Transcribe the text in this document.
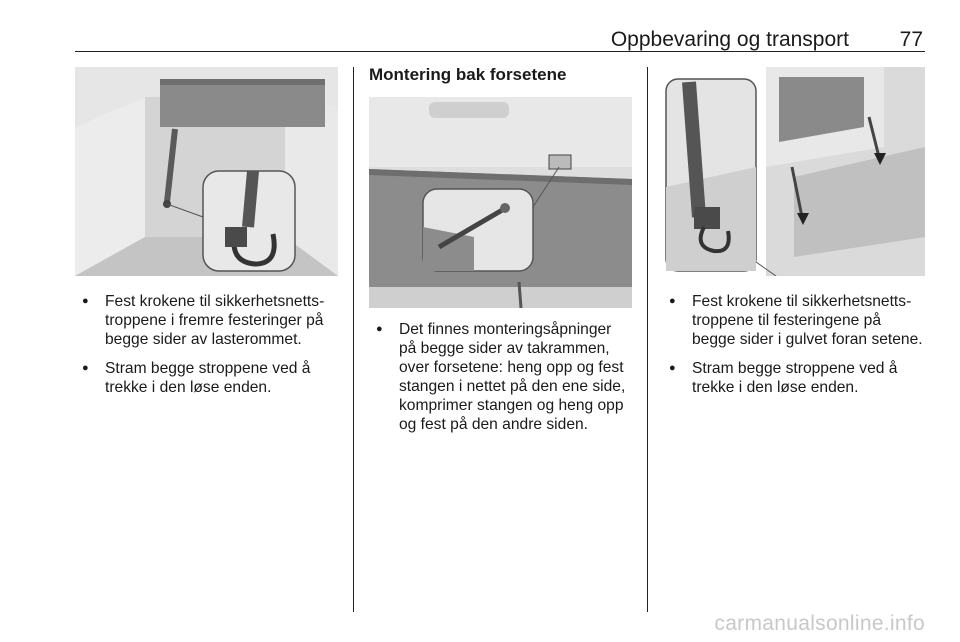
Oppbevaring og transport 77
● Fest krokene til sikkerhetsnetts-
troppene i fremre festeringer på
begge sider av lasterommet.
● Stram begge stroppene ved å
trekke i den løse enden.
Montering bak forsetene
● Det finnes monteringsåpninger
på begge sider av takrammen,
over forsetene: heng opp og fest
stangen i nettet på den ene side,
komprimer stangen og heng opp
og fest på den andre siden.
● Fest krokene til sikkerhetsnetts-
troppene til festeringene på
begge sider i gulvet foran setene.
● Stram begge stroppene ved å
trekke i den løse enden.
carmanualsonline.info
